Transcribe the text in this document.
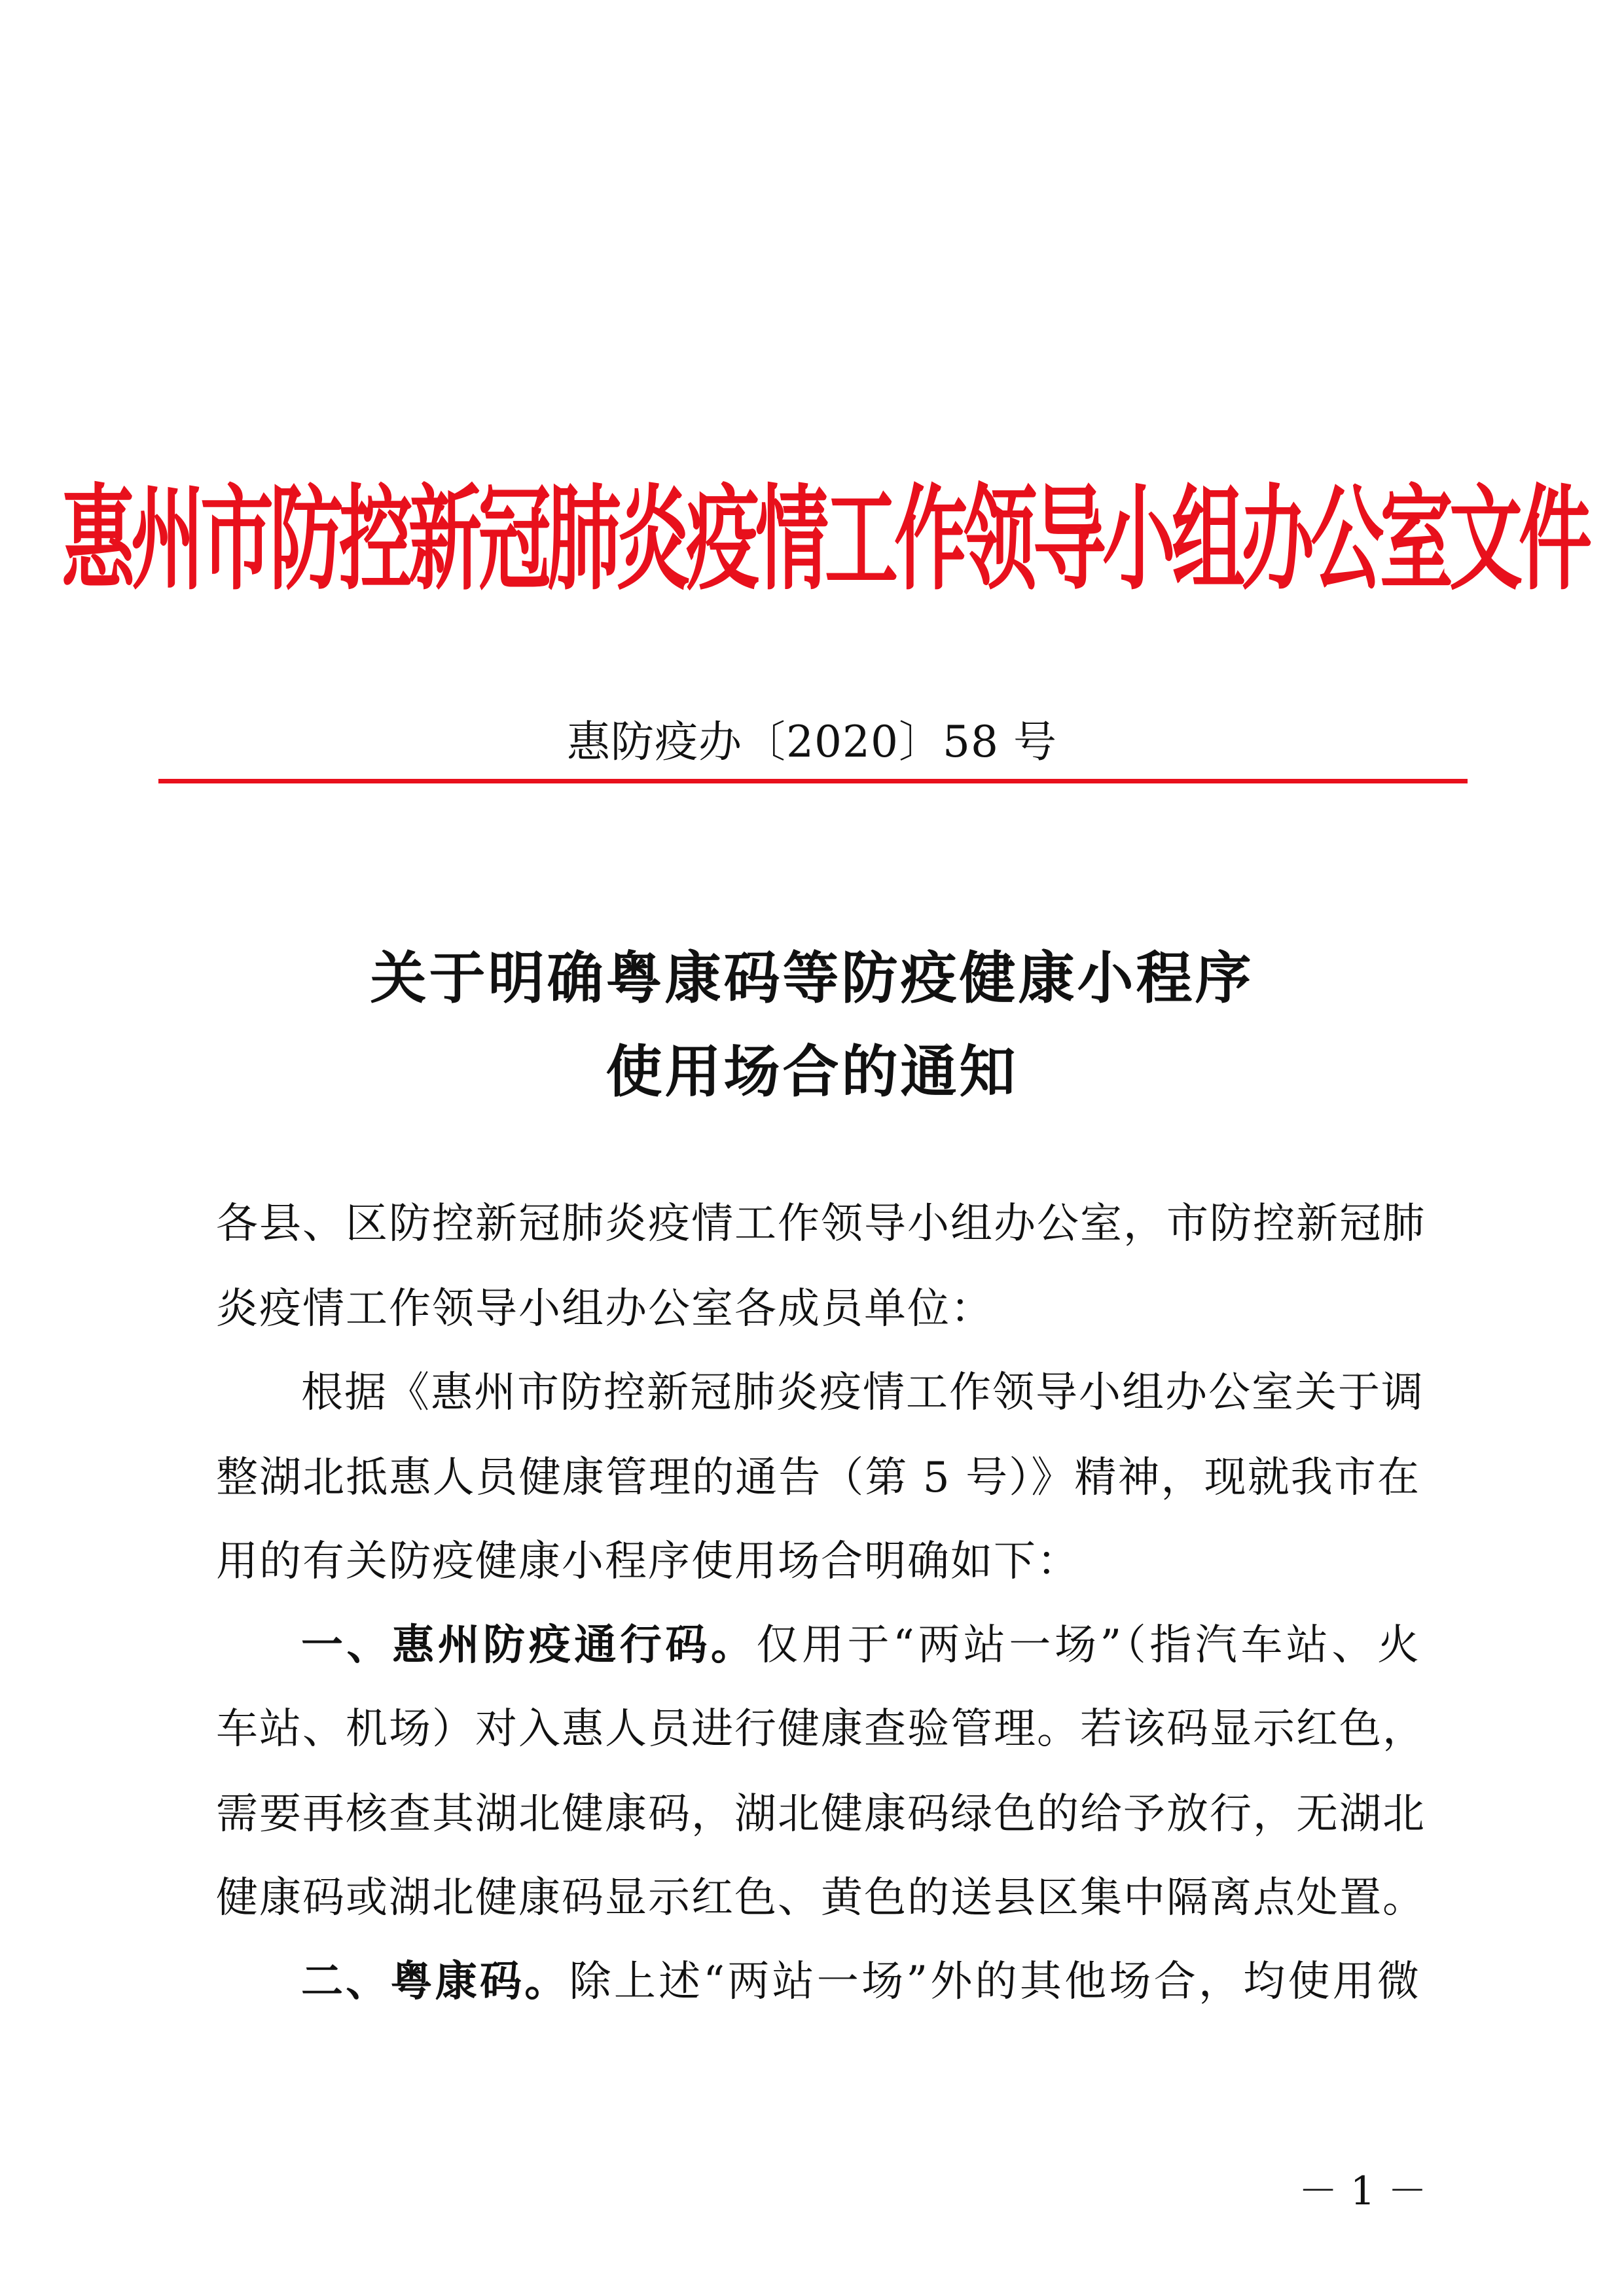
惠州市防控新冠肺炎疫情工作领导小组办公室文件
惠防疫办〔2020〕58 号
关于明确粤康码等防疫健康小程序
使用场合的通知
各县、区防控新冠肺炎疫情工作领导小组办公室，市防控新冠肺
炎疫情工作领导小组办公室各成员单位：
根据《惠州市防控新冠肺炎疫情工作领导小组办公室关于调
整湖北抵惠人员健康管理的通告（第 5 号）》精神，现就我市在
用的有关防疫健康小程序使用场合明确如下：
一、惠州防疫通行码。仅用于“两站一场”（指汽车站、火
车站、机场）对入惠人员进行健康查验管理。若该码显示红色，
需要再核查其湖北健康码，湖北健康码绿色的给予放行，无湖北
健康码或湖北健康码显示红色、黄色的送县区集中隔离点处置。
二、粤康码。除上述“两站一场”外的其他场合，均使用微
－ 1 －
